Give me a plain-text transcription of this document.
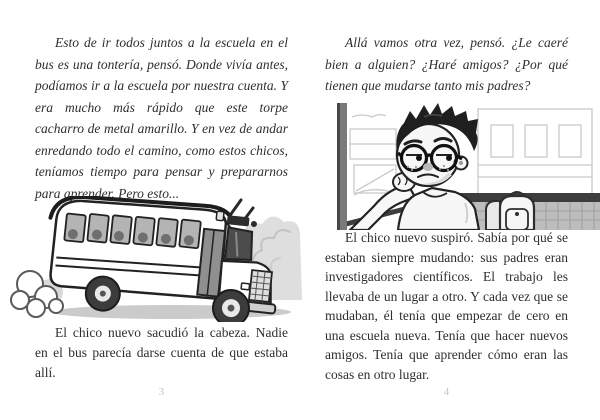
Esto de ir todos juntos a la escuela en el bus es una tontería, pensó. Donde vivía antes, podíamos ir a la escuela por nuestra cuenta. Y era mucho más rápido que este torpe cacharro de metal amarillo. Y en vez de andar enredando todo el camino, como estos chicos, teníamos tiempo para pensar y prepararnos para aprender. Pero esto...

El chico nuevo sacudió la cabeza. Nadie en el bus parecía darse cuenta de que estaba allí.

3

Allá vamos otra vez, pensó. ¿Le caeré bien a alguien? ¿Haré amigos? ¿Por qué tienen que mudarse tanto mis padres?

El chico nuevo suspiró. Sabía por qué se estaban siempre mudando: sus padres eran investigadores científicos. El trabajo les llevaba de un lugar a otro. Y cada vez que se mudaban, él tenía que empezar de cero en una escuela nueva. Tenía que hacer nuevos amigos. Tenía que aprender cómo eran las cosas en otro lugar.

4
